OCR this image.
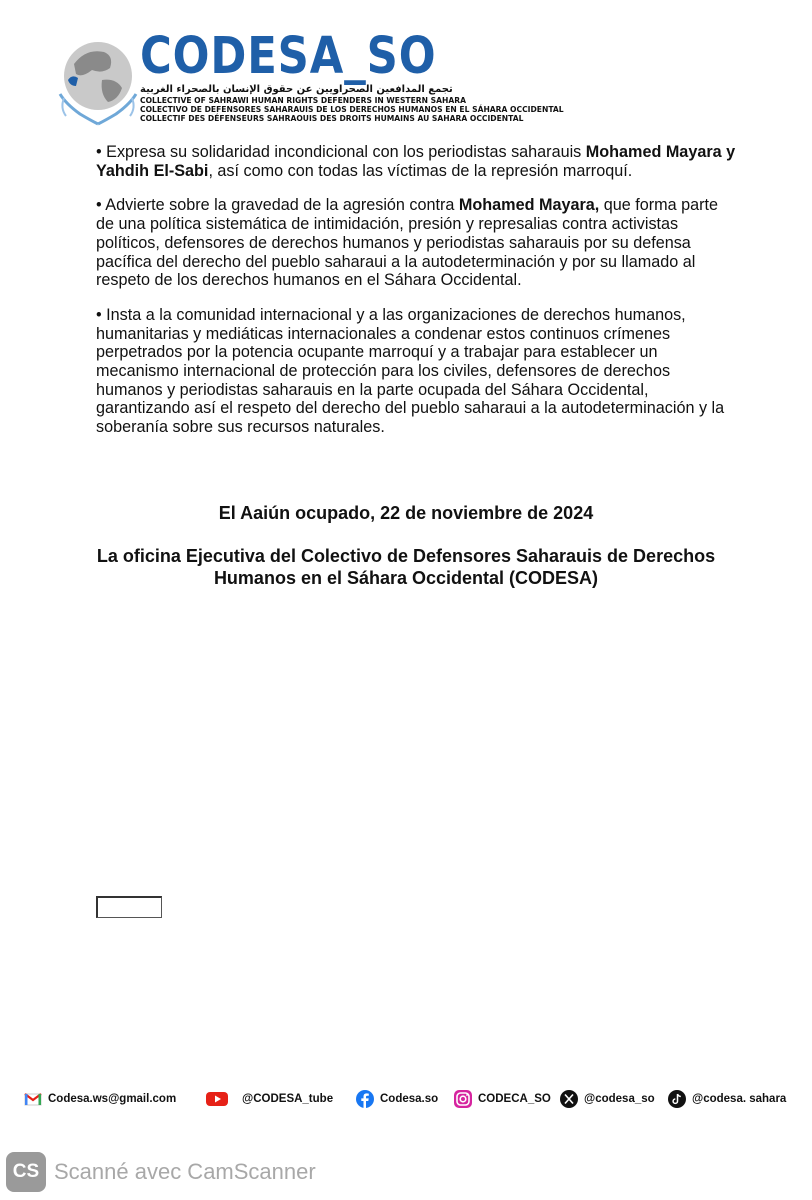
CODESA_SO
تجمع المدافعين الصحراويين عن حقوق الإنسان بالصحراء الغربية
COLLECTIVE OF SAHRAWI HUMAN RIGHTS DEFENDERS IN WESTERN SAHARA
COLECTIVO DE DEFENSORES SAHARAUIS DE LOS DERECHOS HUMANOS EN EL SÁHARA OCCIDENTAL
COLLECTIF DES DÉFENSEURS SAHRAOUIS DES DROITS HUMAINS AU SAHARA OCCIDENTAL

• Expresa su solidaridad incondicional con los periodistas saharauis Mohamed Mayara y Yahdih El-Sabi, así como con todas las víctimas de la represión marroquí.

• Advierte sobre la gravedad de la agresión contra Mohamed Mayara, que forma parte de una política sistemática de intimidación, presión y represalias contra activistas políticos, defensores de derechos humanos y periodistas saharauis por su defensa pacífica del derecho del pueblo saharaui a la autodeterminación y por su llamado al respeto de los derechos humanos en el Sáhara Occidental.

• Insta a la comunidad internacional y a las organizaciones de derechos humanos, humanitarias y mediáticas internacionales a condenar estos continuos crímenes perpetrados por la potencia ocupante marroquí y a trabajar para establecer un mecanismo internacional de protección para los civiles, defensores de derechos humanos y periodistas saharauis en la parte ocupada del Sáhara Occidental, garantizando así el respeto del derecho del pueblo saharaui a la autodeterminación y la soberanía sobre sus recursos naturales.

El Aaiún ocupado, 22 de noviembre de 2024
La oficina Ejecutiva del Colectivo de Defensores Saharauis de Derechos Humanos en el Sáhara Occidental (CODESA)
Codesa.ws@gmail.com	@CODESA_tube	Codesa.so	CODECA_SO	@codesa_so	@codesa. sahara
CS Scanné avec CamScanner
